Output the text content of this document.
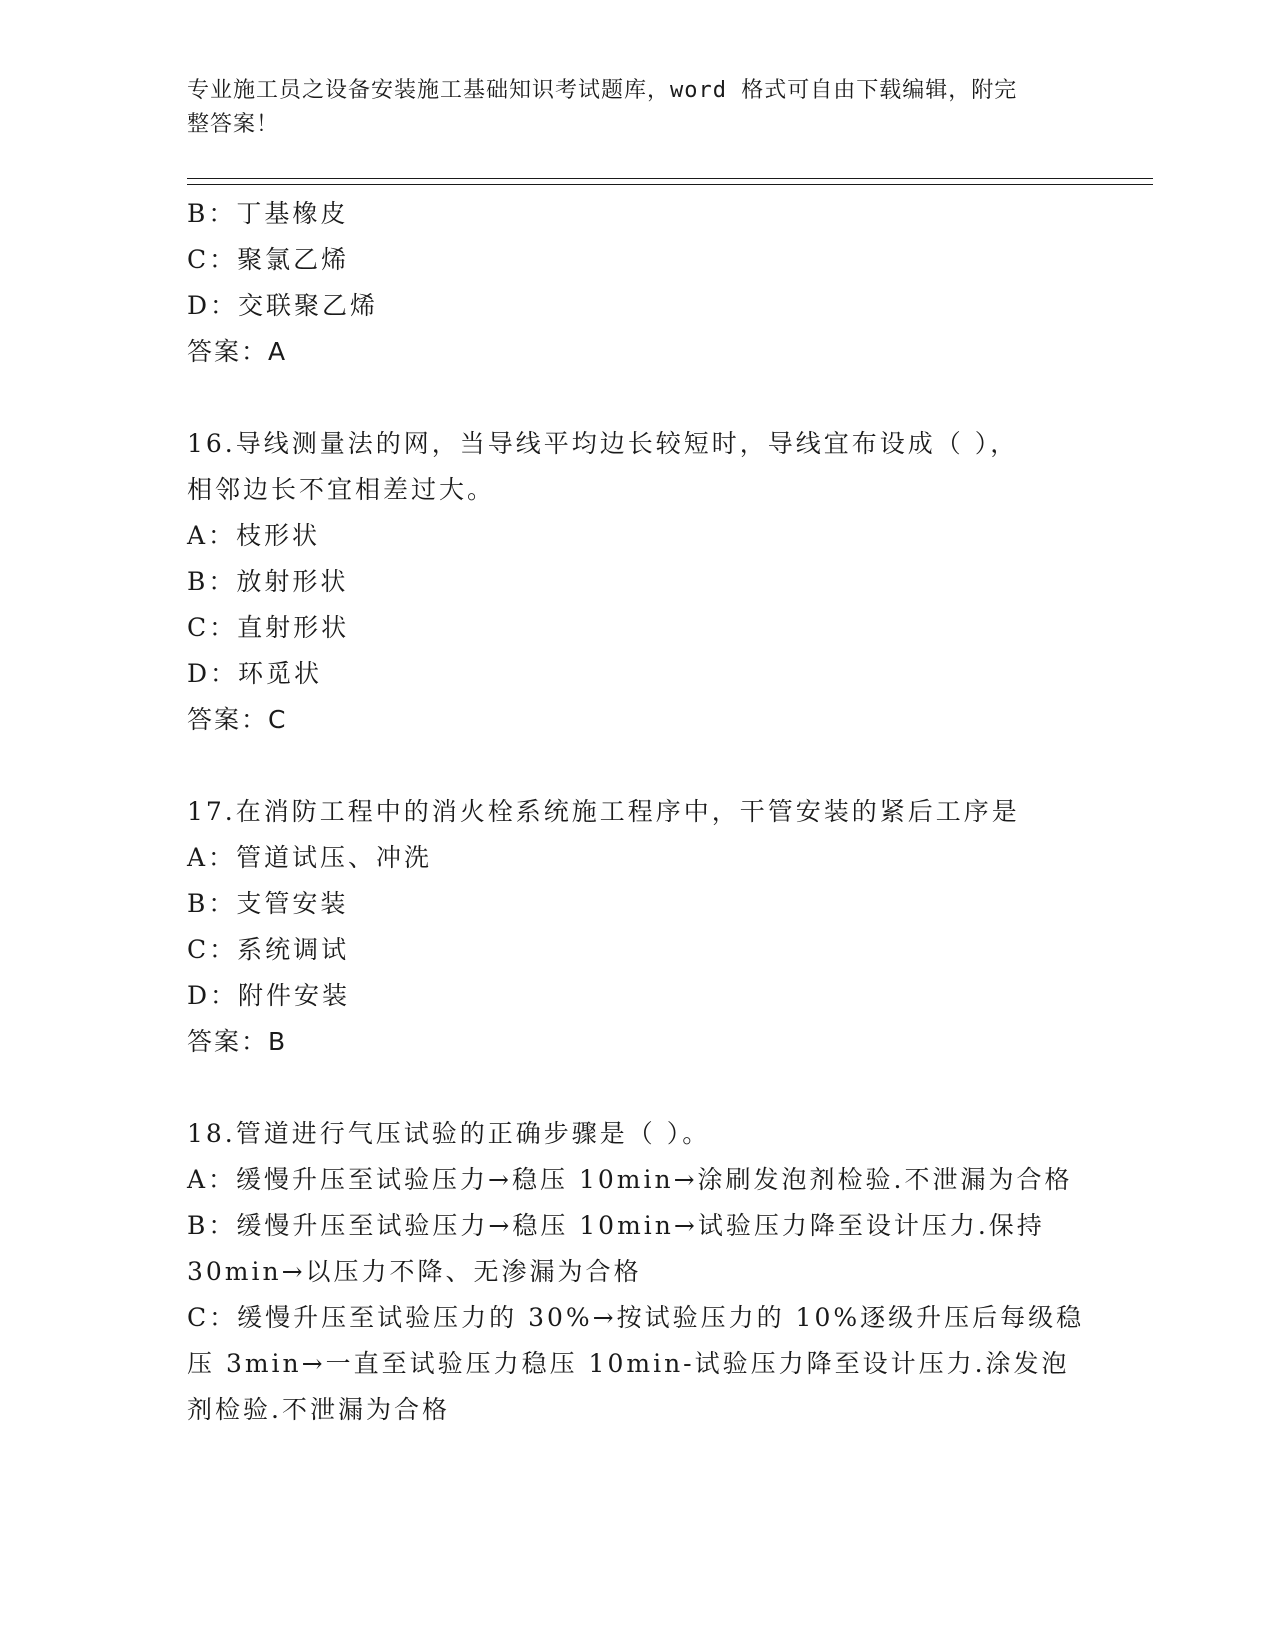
专业施工员之设备安装施工基础知识考试题库，word 格式可自由下载编辑，附完
整答案！
B：丁基橡皮
C：聚氯乙烯
D：交联聚乙烯
答案：A
16.导线测量法的网，当导线平均边长较短时，导线宜布设成（ ），
相邻边长不宜相差过大。
A：枝形状
B：放射形状
C：直射形状
D：环觅状
答案：C
17.在消防工程中的消火栓系统施工程序中，干管安装的紧后工序是
A：管道试压、冲洗
B：支管安装
C：系统调试
D：附件安装
答案：B
18.管道进行气压试验的正确步骤是（ ）。
A：缓慢升压至试验压力→稳压 10min→涂刷发泡剂检验.不泄漏为合格
B：缓慢升压至试验压力→稳压 10min→试验压力降至设计压力.保持
30min→以压力不降、无渗漏为合格
C：缓慢升压至试验压力的 30%→按试验压力的 10%逐级升压后每级稳
压 3min→一直至试验压力稳压 10min-试验压力降至设计压力.涂发泡
剂检验.不泄漏为合格
